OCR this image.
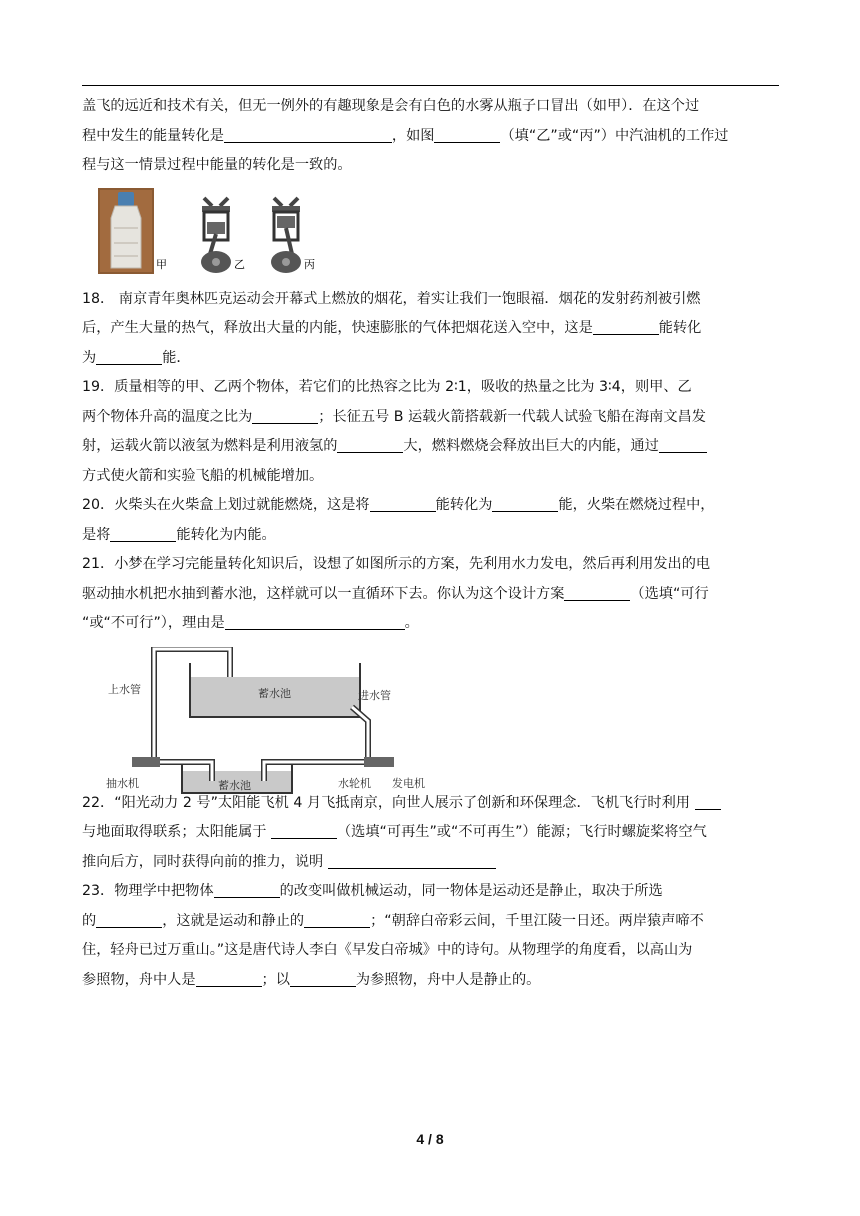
盖飞的远近和技术有关，但无一例外的有趣现象是会有白色的水雾从瓶子口冒出（如甲）．在这个过
程中发生的能量转化是	，如图	（填“乙”或“丙”）中汽油机的工作过
程与这一情景过程中能量的转化是一致的。
甲	乙	丙
18． 南京青年奥林匹克运动会开幕式上燃放的烟花，着实让我们一饱眼福．烟花的发射药剂被引燃
后，产生大量的热气，释放出大量的内能，快速膨胀的气体把烟花送入空中，这是	能转化
为	能．
19．质量相等的甲、乙两个物体，若它们的比热容之比为 2∶1，吸收的热量之比为 3∶4，则甲、乙
两个物体升高的温度之比为	；长征五号 B 运载火箭搭载新一代载人试验飞船在海南文昌发
射，运载火箭以液氢为燃料是利用液氢的	大，燃料燃烧会释放出巨大的内能，通过
方式使火箭和实验飞船的机械能增加。
20．火柴头在火柴盒上划过就能燃烧，这是将	能转化为	能，火柴在燃烧过程中，
是将	能转化为内能。
21．小梦在学习完能量转化知识后，设想了如图所示的方案，先利用水力发电，然后再利用发出的电
驱动抽水机把水抽到蓄水池，这样就可以一直循环下去。你认为这个设计方案	（选填“可行
“或“不可行”），理由是	。
蓄水池
上水管	进水管
蓄水池
抽水机	水轮机 发电机
22．“阳光动力 2 号”太阳能飞机 4 月飞抵南京，向世人展示了创新和环保理念．飞机飞行时利用
与地面取得联系；太阳能属于	（选填“可再生”或“不可再生”）能源；飞行时螺旋桨将空气
推向后方，同时获得向前的推力，说明
23．物理学中把物体	的改变叫做机械运动，同一物体是运动还是静止，取决于所选
的	，这就是运动和静止的	；“朝辞白帝彩云间，千里江陵一日还。两岸猿声啼不
住，轻舟已过万重山。”这是唐代诗人李白《早发白帝城》中的诗句。从物理学的角度看，以高山为
参照物，舟中人是	；以	为参照物，舟中人是静止的。
4 / 8
